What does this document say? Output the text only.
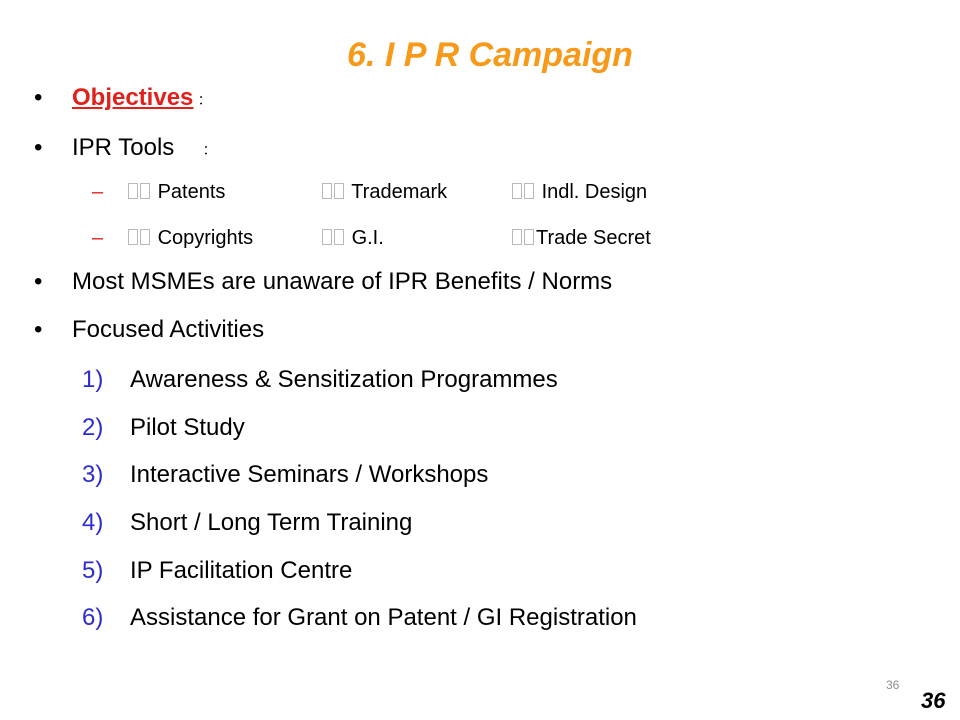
6. I P R Campaign
• Objectives ：
• IPR Tools ：
–	Patents	Trademark	Indl. Design
–	Copyrights	G.I.	Trade Secret
• Most MSMEs are unaware of IPR Benefits / Norms
• Focused Activities
1) Awareness & Sensitization Programmes
2) Pilot Study
3) Interactive Seminars / Workshops
4) Short / Long Term Training
5) IP Facilitation Centre
6) Assistance for Grant on Patent / GI Registration
36
36
